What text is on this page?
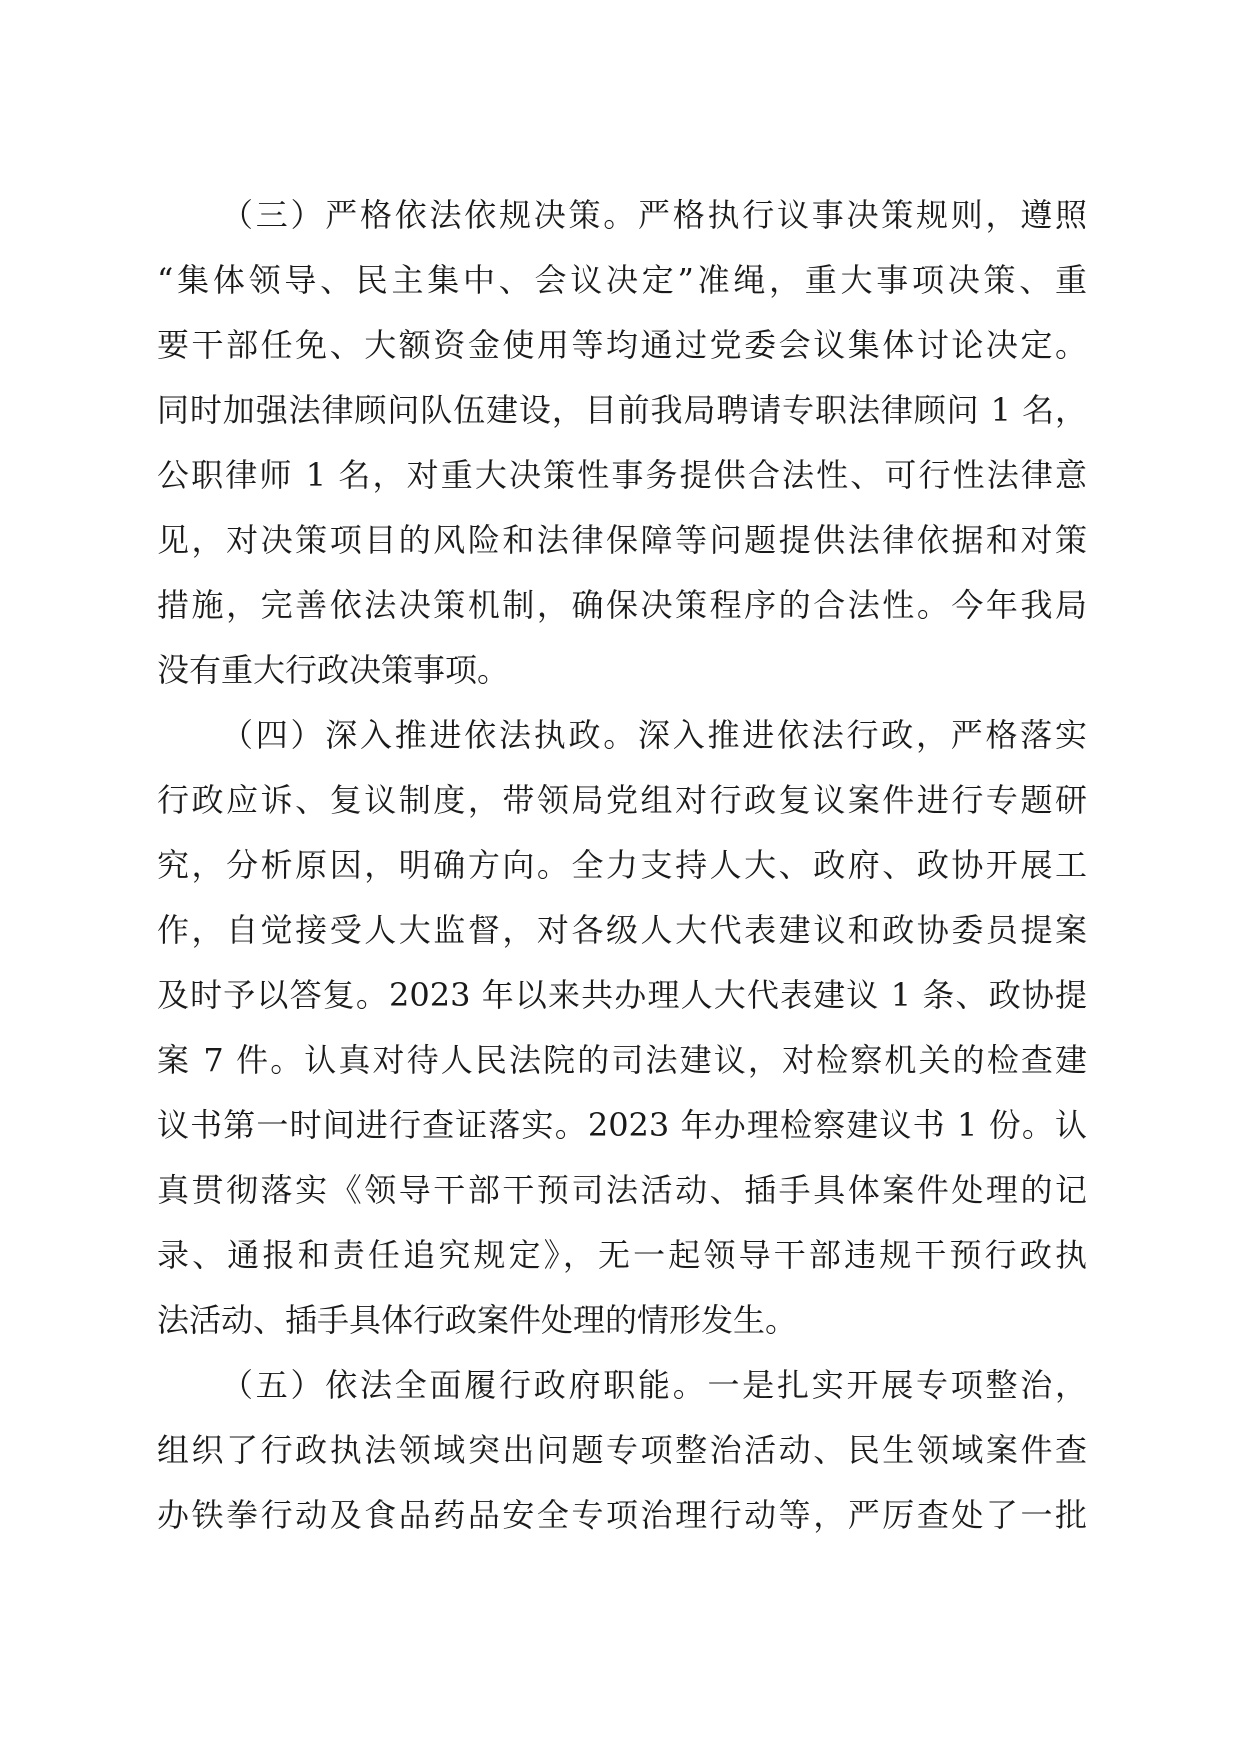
（三）严格依法依规决策。严格执行议事决策规则，遵照
“集体领导、民主集中、会议决定”准绳，重大事项决策、重
要干部任免、大额资金使用等均通过党委会议集体讨论决定。
同时加强法律顾问队伍建设，目前我局聘请专职法律顾问 1 名，
公职律师 1 名，对重大决策性事务提供合法性、可行性法律意
见，对决策项目的风险和法律保障等问题提供法律依据和对策
措施，完善依法决策机制，确保决策程序的合法性。今年我局
没有重大行政决策事项。
（四）深入推进依法执政。深入推进依法行政，严格落实
行政应诉、复议制度，带领局党组对行政复议案件进行专题研
究，分析原因，明确方向。全力支持人大、政府、政协开展工
作，自觉接受人大监督，对各级人大代表建议和政协委员提案
及时予以答复。2023 年以来共办理人大代表建议 1 条、政协提
案 7 件。认真对待人民法院的司法建议，对检察机关的检查建
议书第一时间进行查证落实。2023 年办理检察建议书 1 份。认
真贯彻落实《领导干部干预司法活动、插手具体案件处理的记
录、通报和责任追究规定》，无一起领导干部违规干预行政执
法活动、插手具体行政案件处理的情形发生。
（五）依法全面履行政府职能。一是扎实开展专项整治，
组织了行政执法领域突出问题专项整治活动、民生领域案件查
办铁拳行动及食品药品安全专项治理行动等，严厉查处了一批
